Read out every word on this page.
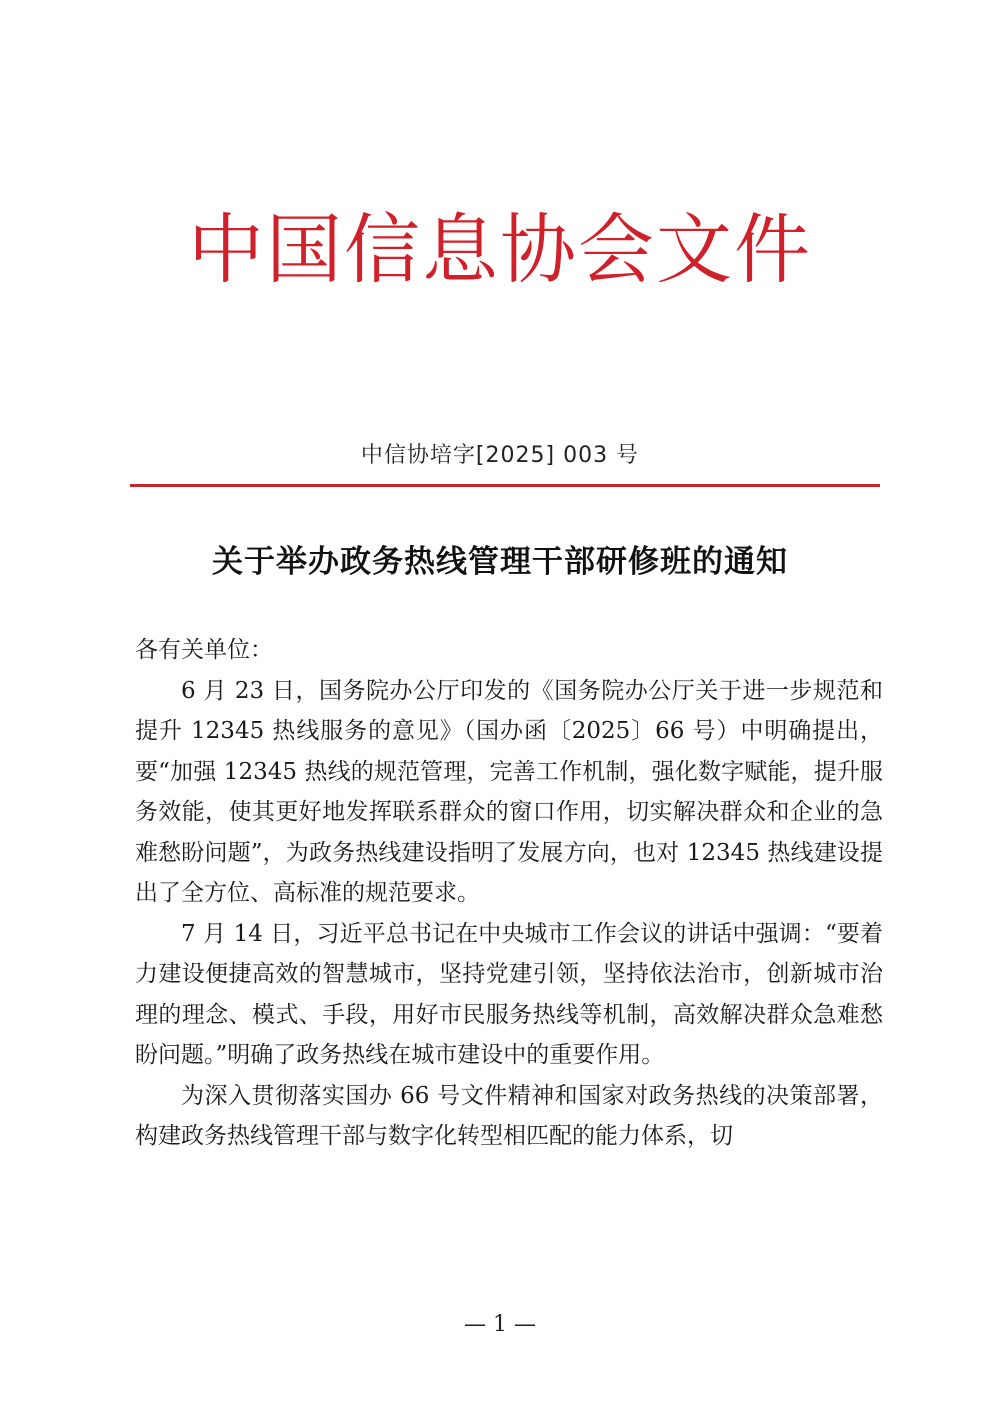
中国信息协会文件
中信协培字[2025] 003 号
关于举办政务热线管理干部研修班的通知

各有关单位：

6 月 23 日，国务院办公厅印发的《国务院办公厅关于进一步规范和提升 12345 热线服务的意见》（国办函〔2025〕66 号）中明确提出，要“加强 12345 热线的规范管理，完善工作机制，强化数字赋能，提升服务效能，使其更好地发挥联系群众的窗口作用，切实解决群众和企业的急难愁盼问题”，为政务热线建设指明了发展方向，也对 12345 热线建设提出了全方位、高标准的规范要求。

7 月 14 日，习近平总书记在中央城市工作会议的讲话中强调：“要着力建设便捷高效的智慧城市，坚持党建引领，坚持依法治市，创新城市治理的理念、模式、手段，用好市民服务热线等机制，高效解决群众急难愁盼问题。”明确了政务热线在城市建设中的重要作用。

为深入贯彻落实国办 66 号文件精神和国家对政务热线的决策部署，构建政务热线管理干部与数字化转型相匹配的能力体系，切

— 1 —
